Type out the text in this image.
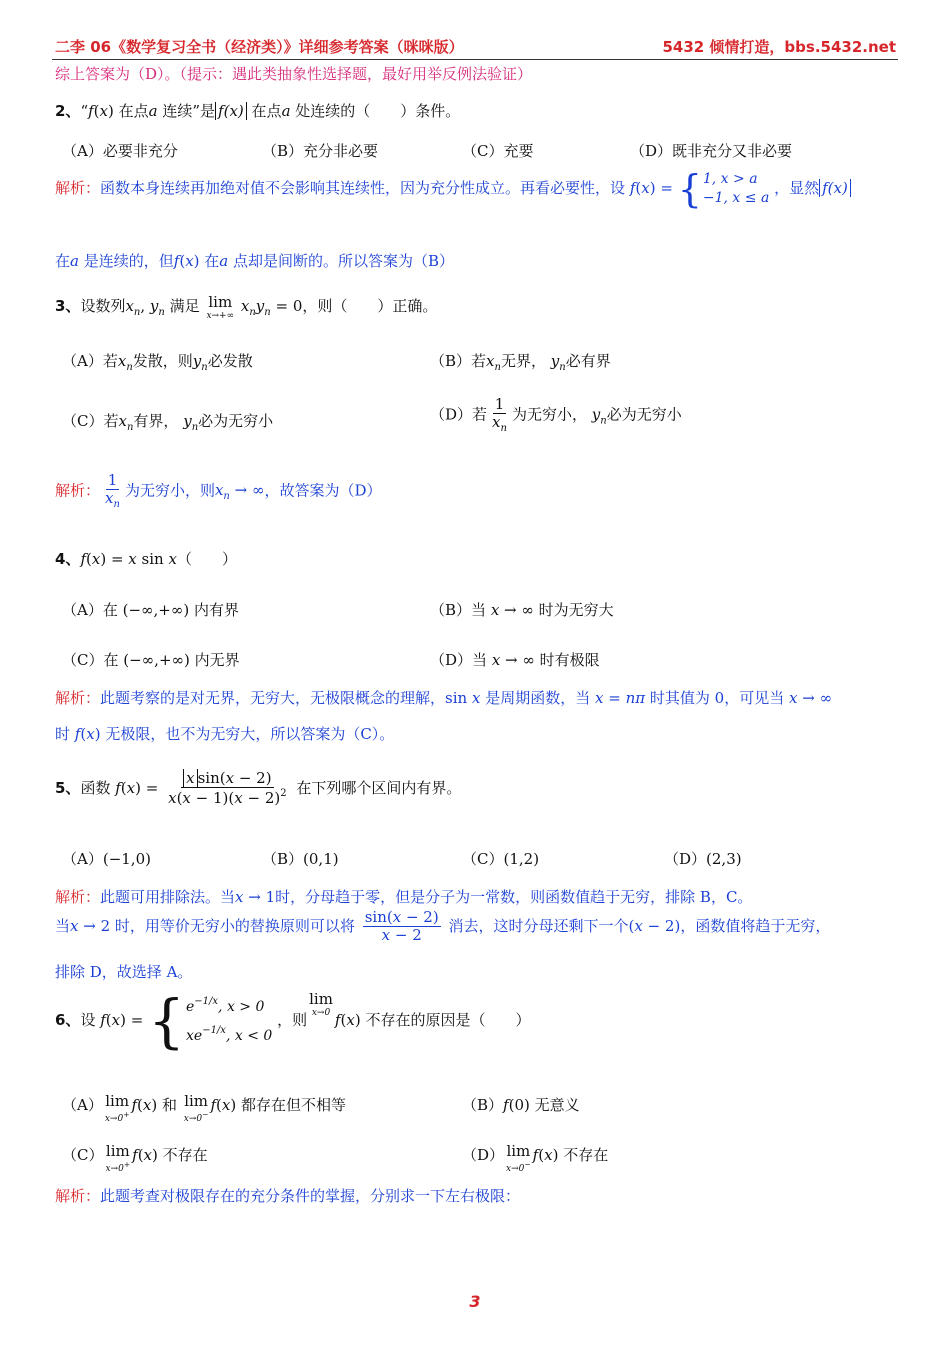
二李 06《数学复习全书（经济类）》详细参考答案（咪咪版）	5432 倾情打造，bbs.5432.net
综上答案为（D）。（提示：遇此类抽象性选择题，最好用举反例法验证）
2、“f(x) 在点a 连续”是 f(x) 在点a 处连续的（　　）条件。
（A）必要非充分	（B）充分非必要	（C）充要	（D）既非充分又非必要
解析：函数本身连续再加绝对值不会影响其连续性，因为充分性成立。再看必要性，设 f(x) = { 1, x > a
−1, x ≤ a
，显然 f(x)
在a 是连续的，但f(x) 在a 点却是间断的。所以答案为（B）
3、设数列$x_n$, $y_n$ 满足 lim
x→+∞
$x_ny_n = 0$，则（　　）正确。
（A）若$x_n$发散，则$y_n$必发散	（B）若$x_n$无界， $y_n$必有界
（C）若$x_n$有界， $y_n$必为无穷小	（D）若 $\frac{1}{x_n}$ 为无穷小， $y_n$必为无穷小
解析： $\frac{1}{x_n}$ 为无穷小，则$x_n$ → ∞，故答案为（D）
4、f(x) = x sin x（　　）
（A）在 (−∞,+∞) 内有界	（B）当 x → ∞ 时为无穷大
（C）在 (−∞,+∞) 内无界	（D）当 x → ∞ 时有极限
解析：此题考察的是对无界，无穷大，无极限概念的理解，sin x 是周期函数，当 x = nπ 时其值为 0，可见当 x → ∞
时 f(x) 无极限，也不为无穷大，所以答案为（C）。
5、函数 $f(x) = \frac{\text{x sin(x − 2)}}{x(x - 1)(x - 2)^2}$ 在下列哪个区间内有界。
（A）(−1,0)	（B）(0,1)	（C）(1,2)	（D）(2,3)
解析：此题可用排除法。当x → 1时，分母趋于零，但是分子为一常数，则函数值趋于无穷，排除 B，C。
当x → 2 时，用等价无穷小的替换原则可以将 $\frac{\sin(x - 2)}{x - 2}$ 消去，这时分母还剩下一个(x − 2)，函数值将趋于无穷，
排除 D，故选择 A。
6、设 f(x) = { $e^{-1/x}$, x > 0
$xe^{-1/x}$, x < 0
，则
lim
x→0 f(x) 不存在的原因是（　　）
（A） lim
x→0+
f(x) 和 lim
x→0−
f(x) 都存在但不相等	（B）f(0) 无意义
（C） lim
x→0+
f(x) 不存在	（D） lim
x→0−
f(x) 不存在
解析：此题考查对极限存在的充分条件的掌握，分别求一下左右极限：
3
